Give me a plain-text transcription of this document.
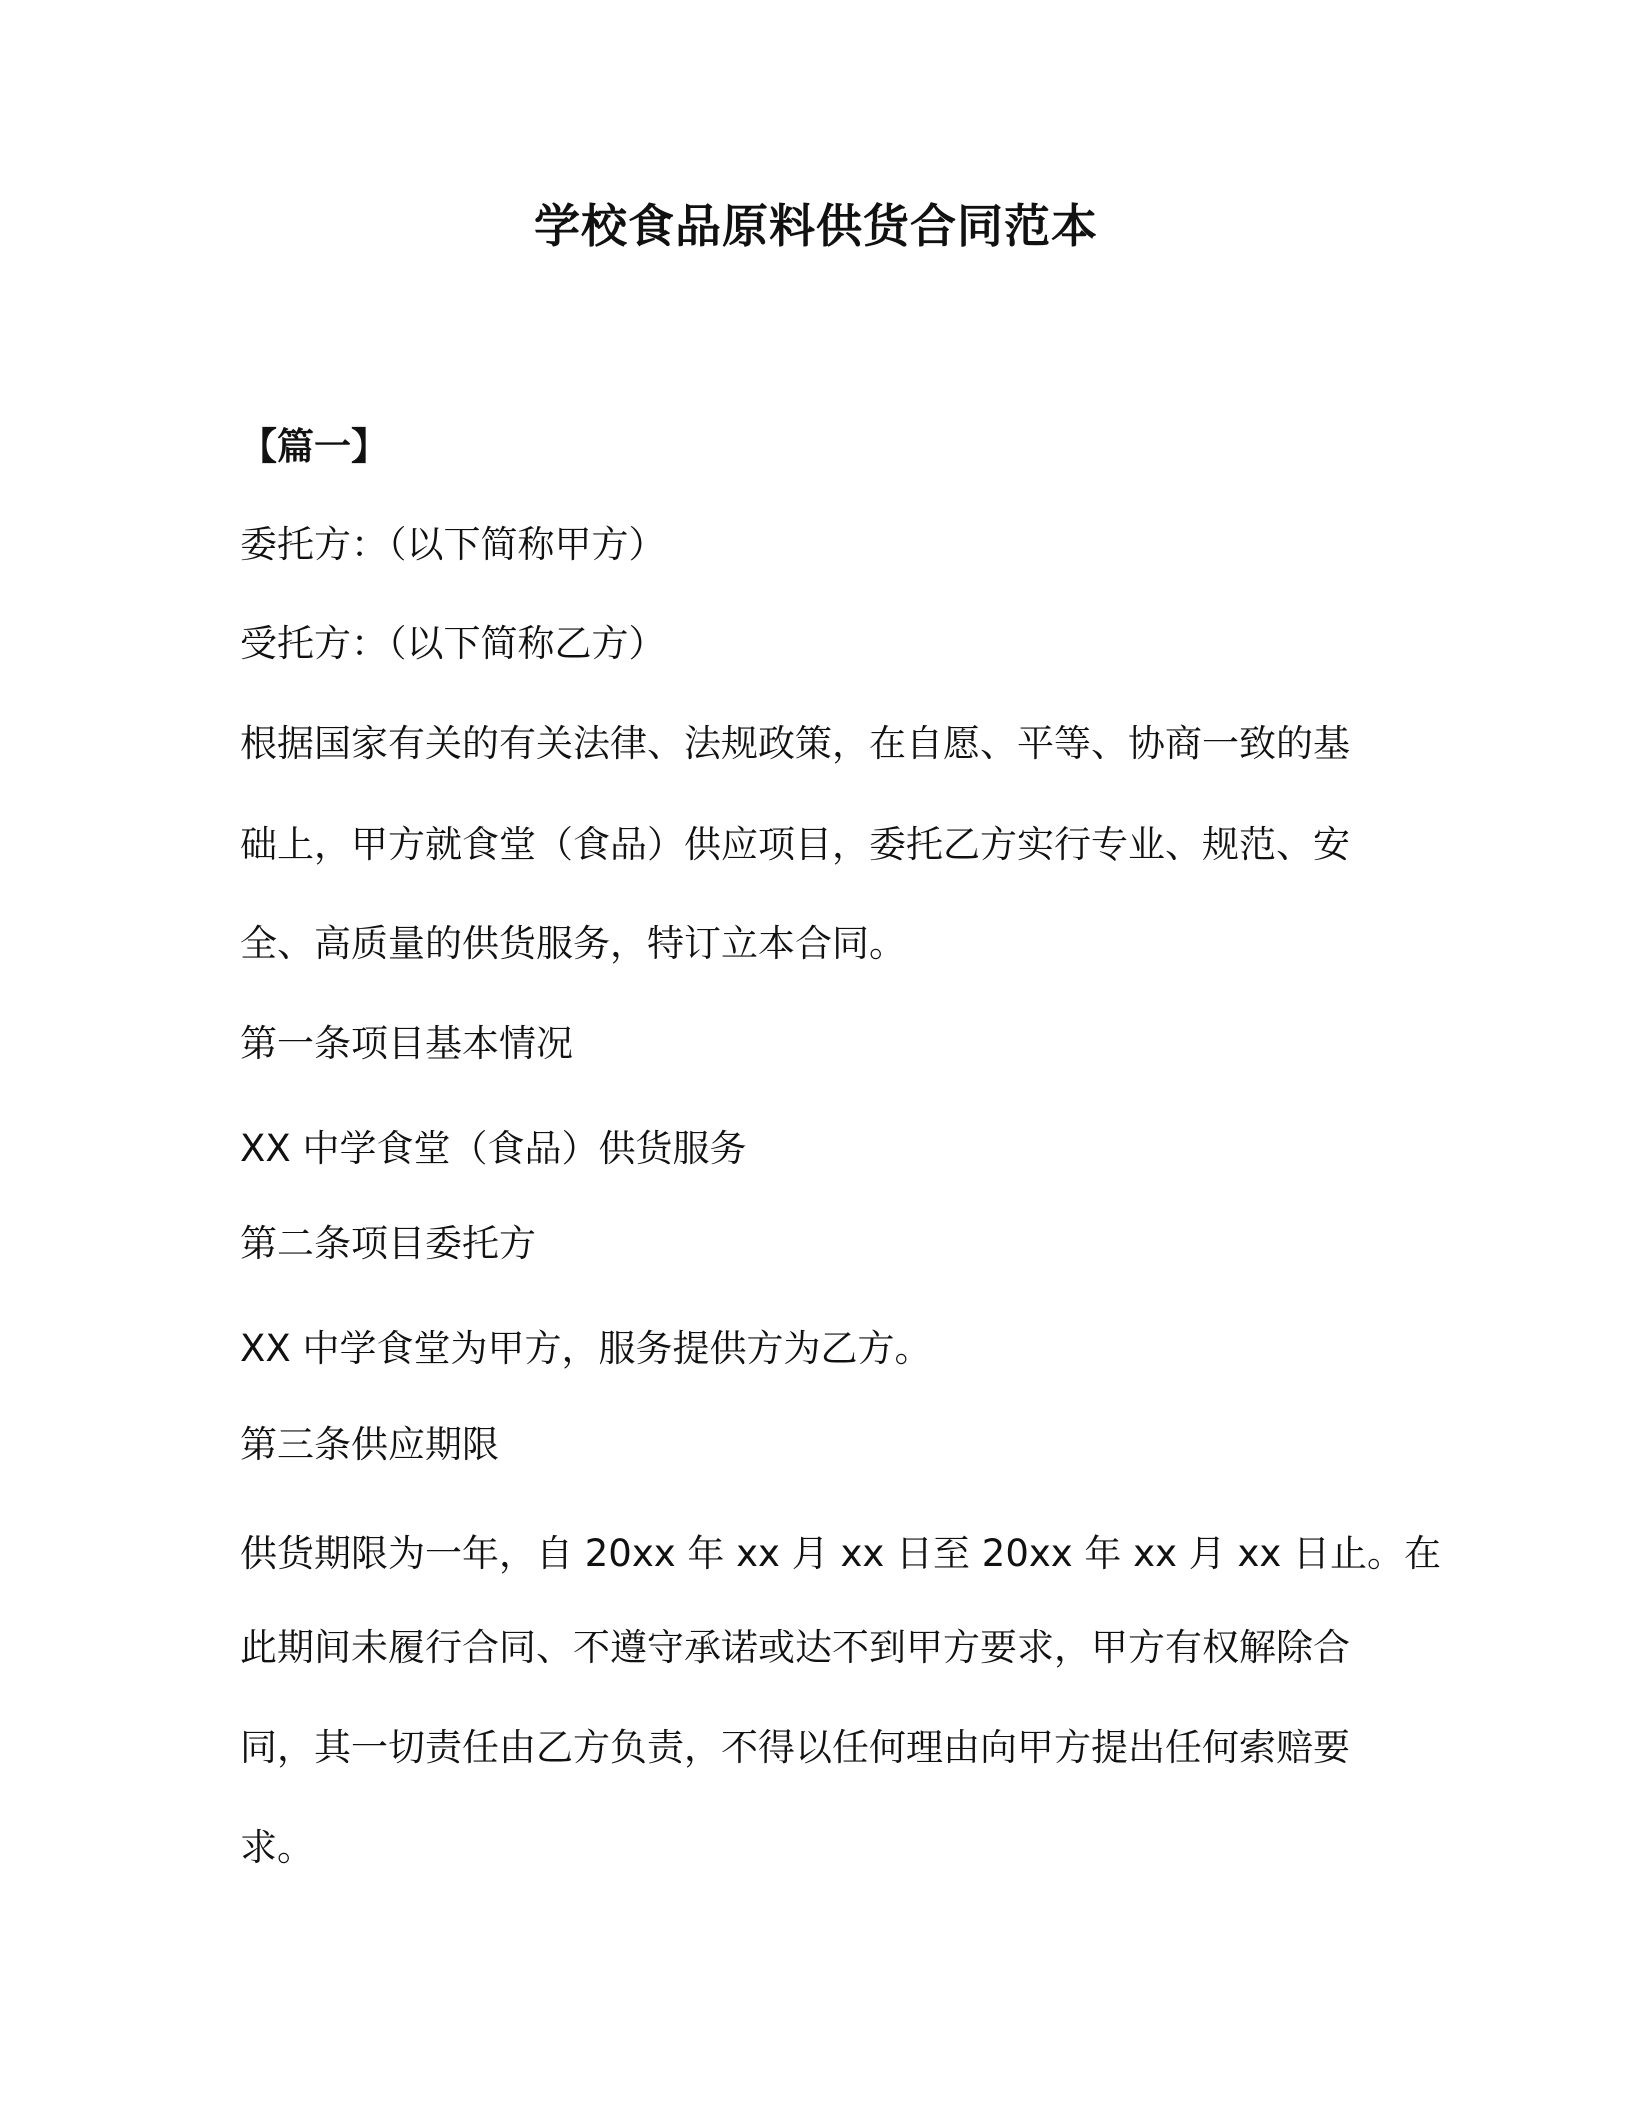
学校食品原料供货合同范本

【篇一】

委托方：（以下简称甲方）

受托方：（以下简称乙方）

根据国家有关的有关法律、法规政策，在自愿、平等、协商一致的基

础上，甲方就食堂（食品）供应项目，委托乙方实行专业、规范、安

全、高质量的供货服务，特订立本合同。

第一条项目基本情况

XX 中学食堂（食品）供货服务

第二条项目委托方

XX 中学食堂为甲方，服务提供方为乙方。

第三条供应期限

供货期限为一年，自 20xx 年 xx 月 xx 日至 20xx 年 xx 月 xx 日止。在

此期间未履行合同、不遵守承诺或达不到甲方要求，甲方有权解除合

同，其一切责任由乙方负责，不得以任何理由向甲方提出任何索赔要

求。
